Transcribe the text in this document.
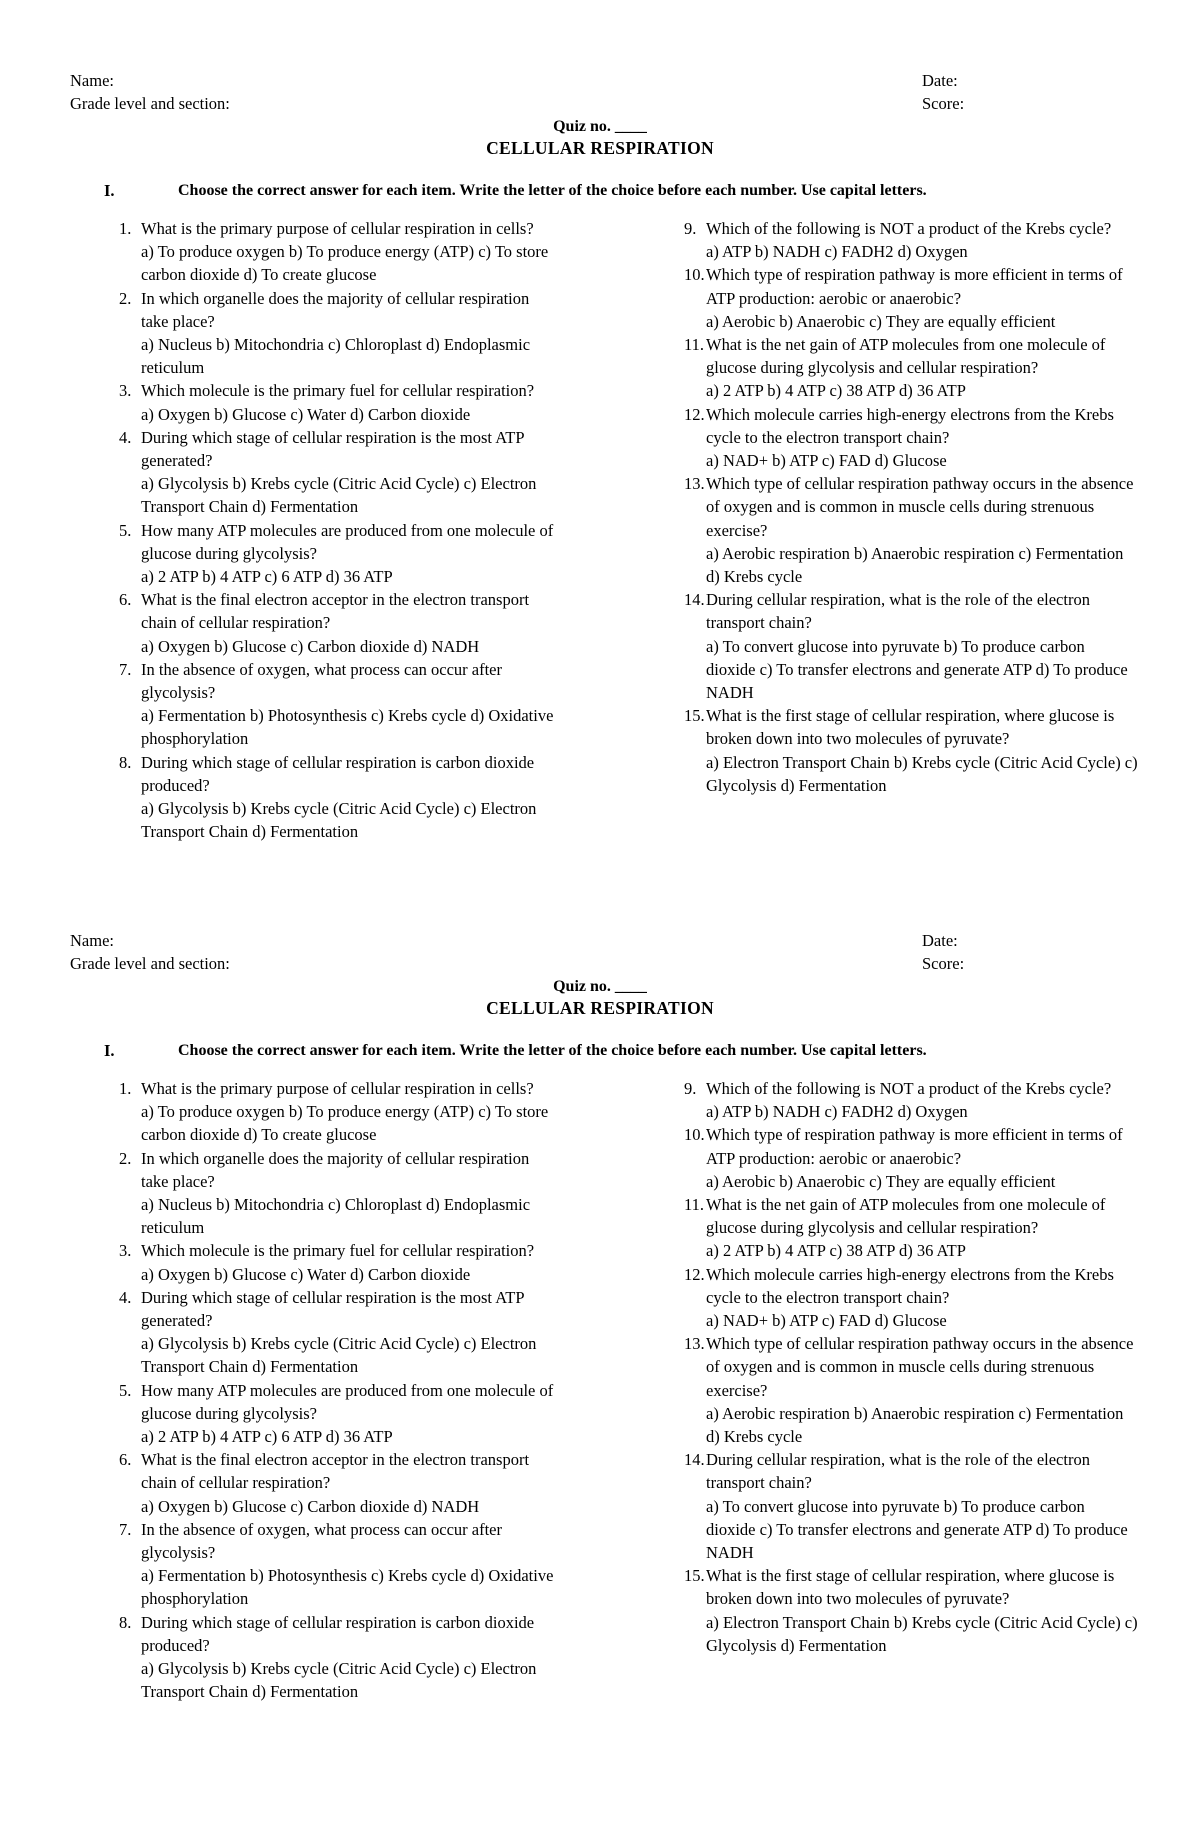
Name:
Grade level and section:
Date:
Score:
Quiz no. ____
CELLULAR RESPIRATION
I.	Choose the correct answer for each item. Write the letter of the choice before each number. Use capital letters.
1. What is the primary purpose of cellular respiration in cells?
a) To produce oxygen b) To produce energy (ATP) c) To store carbon dioxide d) To create glucose
2. In which organelle does the majority of cellular respiration take place?
a) Nucleus b) Mitochondria c) Chloroplast d) Endoplasmic reticulum
3. Which molecule is the primary fuel for cellular respiration?
a) Oxygen b) Glucose c) Water d) Carbon dioxide
4. During which stage of cellular respiration is the most ATP generated?
a) Glycolysis b) Krebs cycle (Citric Acid Cycle) c) Electron Transport Chain d) Fermentation
5. How many ATP molecules are produced from one molecule of glucose during glycolysis?
a) 2 ATP b) 4 ATP c) 6 ATP d) 36 ATP
6. What is the final electron acceptor in the electron transport chain of cellular respiration?
a) Oxygen b) Glucose c) Carbon dioxide d) NADH
7. In the absence of oxygen, what process can occur after glycolysis?
a) Fermentation b) Photosynthesis c) Krebs cycle d) Oxidative phosphorylation
8. During which stage of cellular respiration is carbon dioxide produced?
a) Glycolysis b) Krebs cycle (Citric Acid Cycle) c) Electron Transport Chain d) Fermentation
9. Which of the following is NOT a product of the Krebs cycle?
a) ATP b) NADH c) FADH2 d) Oxygen
10. Which type of respiration pathway is more efficient in terms of ATP production: aerobic or anaerobic?
a) Aerobic b) Anaerobic c) They are equally efficient
11. What is the net gain of ATP molecules from one molecule of glucose during glycolysis and cellular respiration?
a) 2 ATP b) 4 ATP c) 38 ATP d) 36 ATP
12. Which molecule carries high-energy electrons from the Krebs cycle to the electron transport chain?
a) NAD+ b) ATP c) FAD d) Glucose
13. Which type of cellular respiration pathway occurs in the absence of oxygen and is common in muscle cells during strenuous exercise?
a) Aerobic respiration b) Anaerobic respiration c) Fermentation d) Krebs cycle
14. During cellular respiration, what is the role of the electron transport chain?
a) To convert glucose into pyruvate b) To produce carbon dioxide c) To transfer electrons and generate ATP d) To produce NADH
15. What is the first stage of cellular respiration, where glucose is broken down into two molecules of pyruvate?
a) Electron Transport Chain b) Krebs cycle (Citric Acid Cycle) c) Glycolysis d) Fermentation
Name:
Grade level and section:
Date:
Score:
Quiz no. ____
CELLULAR RESPIRATION
I.	Choose the correct answer for each item. Write the letter of the choice before each number. Use capital letters.
1. What is the primary purpose of cellular respiration in cells?
a) To produce oxygen b) To produce energy (ATP) c) To store carbon dioxide d) To create glucose
2. In which organelle does the majority of cellular respiration take place?
a) Nucleus b) Mitochondria c) Chloroplast d) Endoplasmic reticulum
3. Which molecule is the primary fuel for cellular respiration?
a) Oxygen b) Glucose c) Water d) Carbon dioxide
4. During which stage of cellular respiration is the most ATP generated?
a) Glycolysis b) Krebs cycle (Citric Acid Cycle) c) Electron Transport Chain d) Fermentation
5. How many ATP molecules are produced from one molecule of glucose during glycolysis?
a) 2 ATP b) 4 ATP c) 6 ATP d) 36 ATP
6. What is the final electron acceptor in the electron transport chain of cellular respiration?
a) Oxygen b) Glucose c) Carbon dioxide d) NADH
7. In the absence of oxygen, what process can occur after glycolysis?
a) Fermentation b) Photosynthesis c) Krebs cycle d) Oxidative phosphorylation
8. During which stage of cellular respiration is carbon dioxide produced?
a) Glycolysis b) Krebs cycle (Citric Acid Cycle) c) Electron Transport Chain d) Fermentation
9. Which of the following is NOT a product of the Krebs cycle?
a) ATP b) NADH c) FADH2 d) Oxygen
10. Which type of respiration pathway is more efficient in terms of ATP production: aerobic or anaerobic?
a) Aerobic b) Anaerobic c) They are equally efficient
11. What is the net gain of ATP molecules from one molecule of glucose during glycolysis and cellular respiration?
a) 2 ATP b) 4 ATP c) 38 ATP d) 36 ATP
12. Which molecule carries high-energy electrons from the Krebs cycle to the electron transport chain?
a) NAD+ b) ATP c) FAD d) Glucose
13. Which type of cellular respiration pathway occurs in the absence of oxygen and is common in muscle cells during strenuous exercise?
a) Aerobic respiration b) Anaerobic respiration c) Fermentation d) Krebs cycle
14. During cellular respiration, what is the role of the electron transport chain?
a) To convert glucose into pyruvate b) To produce carbon dioxide c) To transfer electrons and generate ATP d) To produce NADH
15. What is the first stage of cellular respiration, where glucose is broken down into two molecules of pyruvate?
a) Electron Transport Chain b) Krebs cycle (Citric Acid Cycle) c) Glycolysis d) Fermentation
